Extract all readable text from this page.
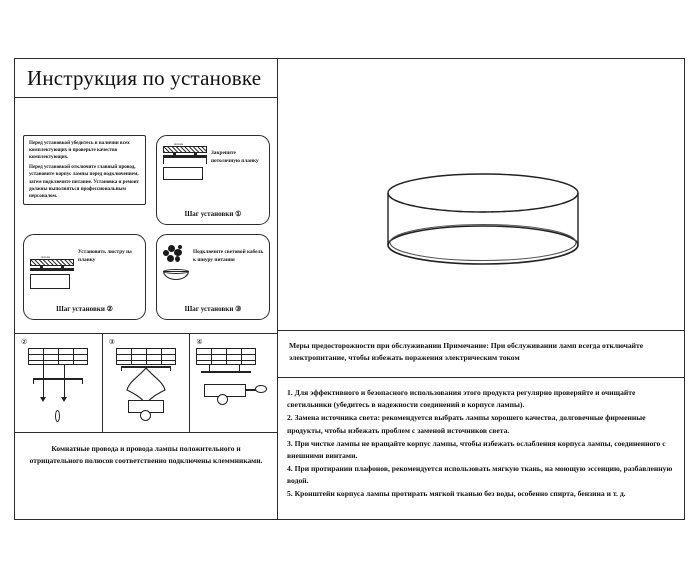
Инструкция по установке

Перед установкой убедитесь в наличии всех комплектующих и проверьте качество комплектующих.

Перед установкой отключите главный провод, установите корпус лампы перед подключением, затем подключите питание. Установка и ремонт должны выполняться профессиональным персоналом.

потолок
Закрепите потолочную планку
Шаг установки ①
потолок
Установить люстру на планку
Шаг установки ②
Подключите световой кабель к шнуру питания
Шаг установки ③
②	③	④
Комнатные провода и провода лампы положительного и отрицательного полюсов соответственно подключены клеммниками.
Меры предосторожности при обслуживании Примечание: При обслуживании ламп всегда отключайте электропитание, чтобы избежать поражения электрическим током
1. Для эффективного и безопасного использования этого продукта регулярно проверяйте и очищайте светильники (убедитесь в надежности соединений в корпусе лампы).
2. Замена источника света: рекомендуется выбрать лампы хорошего качества, долговечные фирменные продукты, чтобы избежать проблем с заменой источников света.
3. При чистке лампы не вращайте корпус лампы, чтобы избежать ослабления корпуса лампы, соединенного с внешними винтами.
4. При протирании плафонов, рекомендуется использовать мягкую ткань, на моющую эссенцию, разбавленную водой.
5. Кронштейн корпуса лампы протирать мягкой тканью без воды, особенно спирта, бензина и т. д.
